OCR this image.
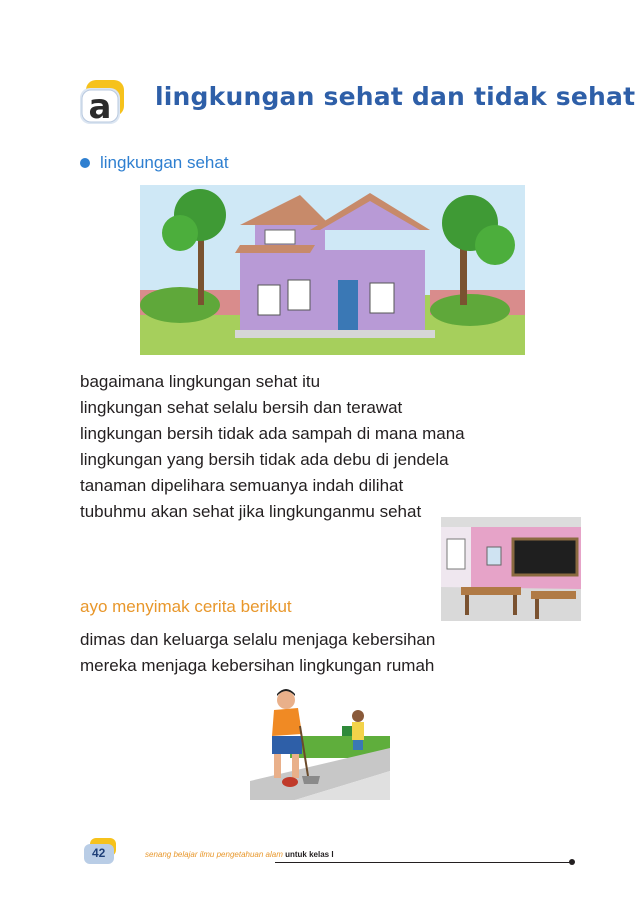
a lingkungan sehat dan tidak sehat
lingkungan sehat
bagaimana lingkungan sehat itu
lingkungan sehat selalu bersih dan terawat
lingkungan bersih tidak ada sampah di mana mana
lingkungan yang bersih tidak ada debu di jendela
tanaman dipelihara semuanya indah dilihat
tubuhmu akan sehat jika lingkunganmu sehat
ayo menyimak cerita berikut
dimas dan keluarga selalu menjaga kebersihan
mereka menjaga kebersihan lingkungan rumah
42	senang belajar ilmu pengetahuan alam untuk kelas I
